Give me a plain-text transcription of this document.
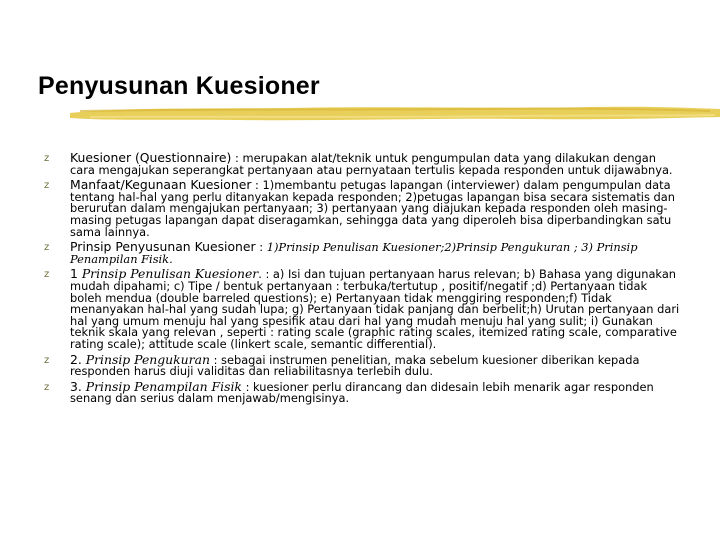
Penyusunan Kuesioner
z Kuesioner (Questionnaire) : merupakan alat/teknik untuk pengumpulan data yang dilakukan dengan cara mengajukan seperangkat pertanyaan atau pernyataan tertulis kepada responden untuk dijawabnya.
z Manfaat/Kegunaan Kuesioner : 1)membantu petugas lapangan (interviewer) dalam pengumpulan data tentang hal-hal yang perlu ditanyakan kepada responden; 2)petugas lapangan bisa secara sistematis dan berurutan dalam mengajukan pertanyaan; 3) pertanyaan yang diajukan kepada responden oleh masing-masing petugas lapangan dapat diseragamkan, sehingga data yang diperoleh bisa diperbandingkan satu sama lainnya.
z Prinsip Penyusunan Kuesioner : 1)Prinsip Penulisan Kuesioner;2)Prinsip Pengukuran ; 3) Prinsip Penampilan Fisik.
z 1 Prinsip Penulisan Kuesioner. : a) Isi dan tujuan pertanyaan harus relevan; b) Bahasa yang digunakan mudah dipahami; c) Tipe / bentuk pertanyaan : terbuka/tertutup , positif/negatif ;d) Pertanyaan tidak boleh mendua (double barreled questions); e) Pertanyaan tidak menggiring responden;f) Tidak menanyakan hal-hal yang sudah lupa; g) Pertanyaan tidak panjang dan berbelit;h) Urutan pertanyaan dari hal yang umum menuju hal yang spesifik atau dari hal yang mudah menuju hal yang sulit; i) Gunakan teknik skala yang relevan , seperti : rating scale (graphic rating scales, itemized rating scale, comparative rating scale); attitude scale (linkert scale, semantic differential).
z 2. Prinsip Pengukuran : sebagai instrumen penelitian, maka sebelum kuesioner diberikan kepada responden harus diuji validitas dan reliabilitasnya terlebih dulu.
z 3. Prinsip Penampilan Fisik : kuesioner perlu dirancang dan didesain lebih menarik agar responden senang dan serius dalam menjawab/mengisinya.
